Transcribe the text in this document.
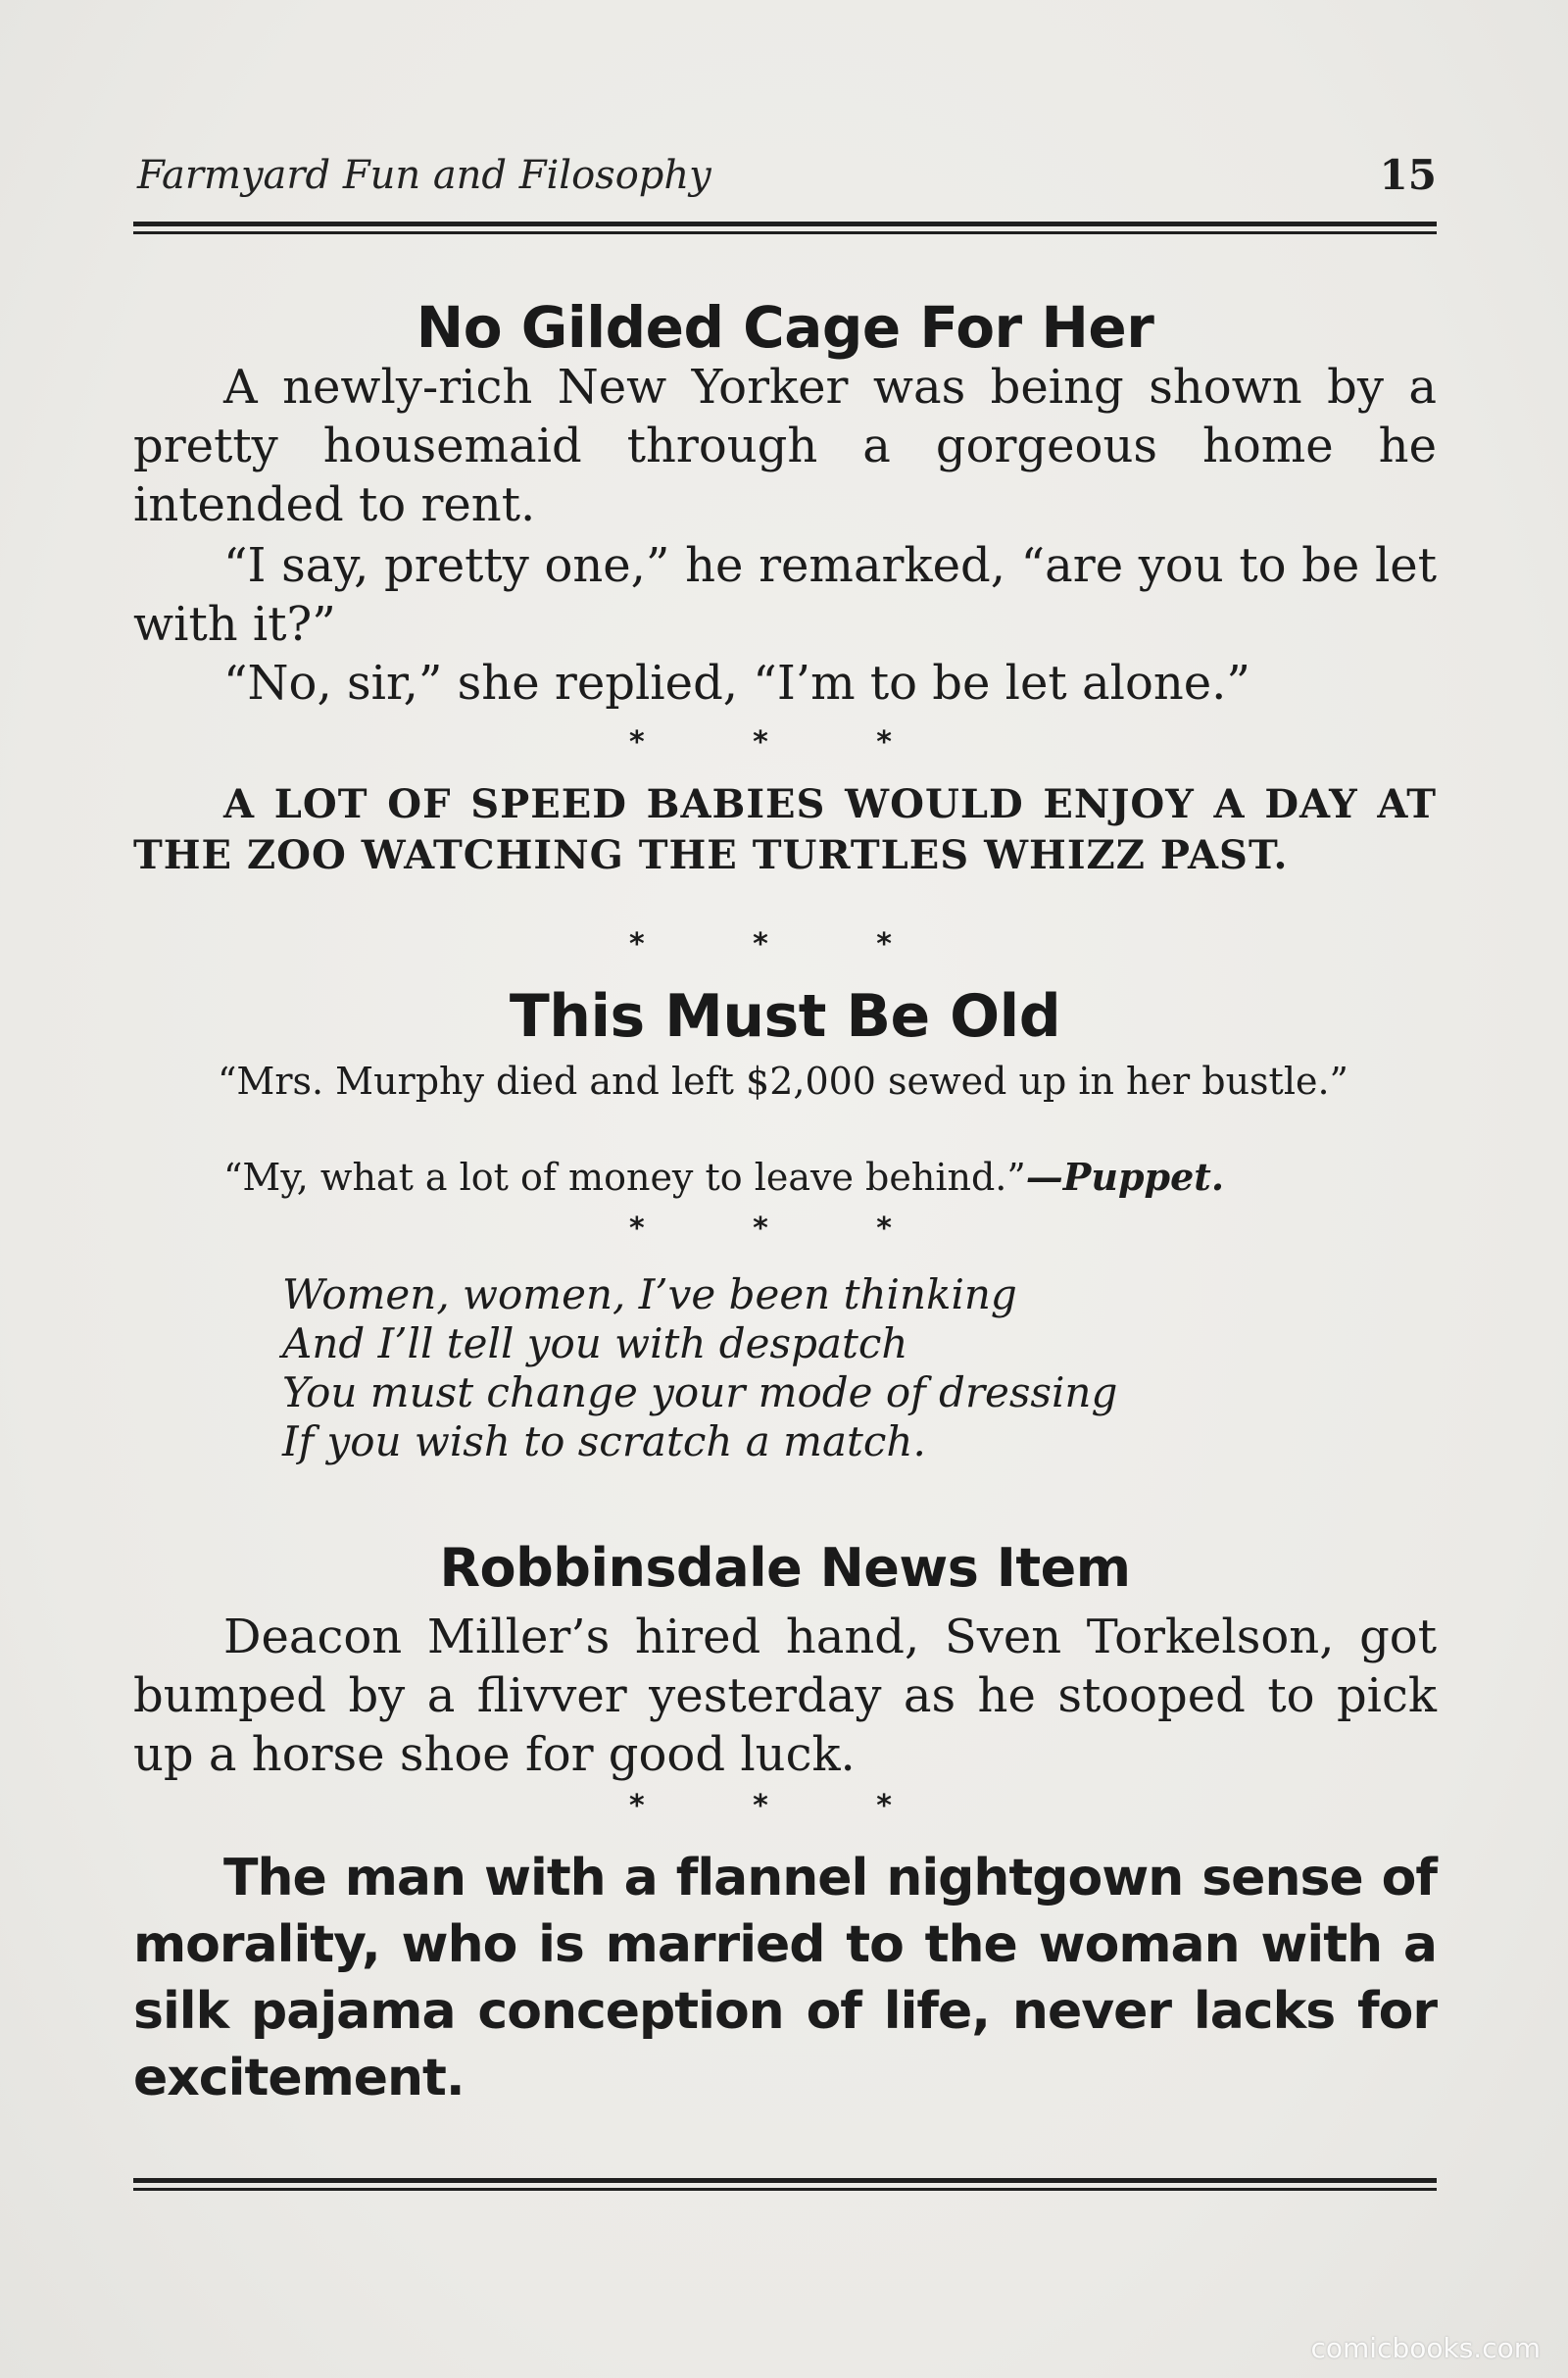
Farmyard Fun and Filosophy	15
No Gilded Cage For Her
A newly-rich New Yorker was being shown by a pretty housemaid through a gorgeous home he intended to rent.
“I say, pretty one,” he remarked, “are you to be let with it?”
“No, sir,” she replied, “I’m to be let alone.”
* * *
A LOT OF SPEED BABIES WOULD ENJOY A DAY AT THE ZOO WATCHING THE TURTLES WHIZZ PAST.
* * *
This Must Be Old
“Mrs. Murphy died and left $2,000 sewed up in her bustle.”
“My, what a lot of money to leave behind.”—Puppet.
* * *
Women, women, I’ve been thinking
And I’ll tell you with despatch
You must change your mode of dressing
If you wish to scratch a match.
Robbinsdale News Item
Deacon Miller’s hired hand, Sven Torkelson, got bumped by a flivver yesterday as he stooped to pick up a horse shoe for good luck.
* * *
The man with a flannel nightgown sense of morality, who is married to the woman with a silk pajama conception of life, never lacks for excitement.
comicbooks.com
